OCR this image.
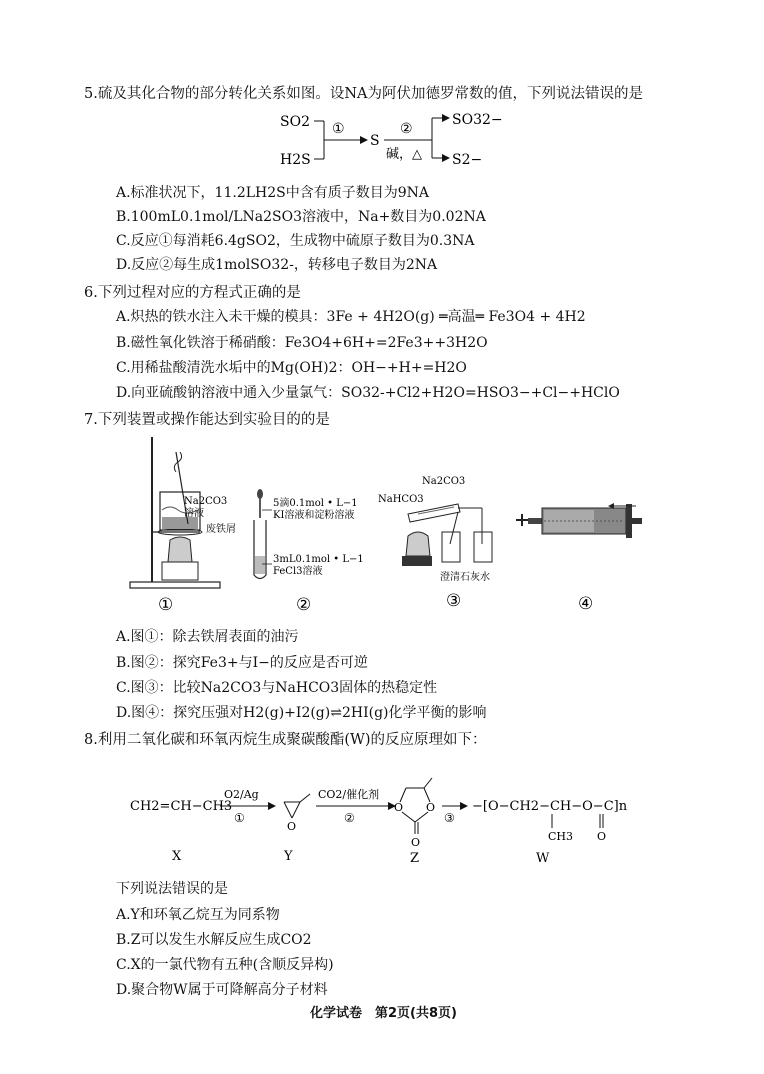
5.硫及其化合物的部分转化关系如图。设NA为阿伏加德罗常数的值，下列说法错误的是
SO2
H2S
①
S
②
碱，△
SO32−
S2−
A.标准状况下，11.2LH2S中含有质子数目为9NA
B.100mL0.1mol/LNa2SO3溶液中，Na+数目为0.02NA
C.反应①每消耗6.4gSO2，生成物中硫原子数目为0.3NA
D.反应②每生成1molSO32-，转移电子数目为2NA
6.下列过程对应的方程式正确的是
A.炽热的铁水注入未干燥的模具：3Fe + 4H2O(g) ═高温═ Fe3O4 + 4H2
B.磁性氧化铁溶于稀硝酸：Fe3O4+6H+=2Fe3++3H2O
C.用稀盐酸清洗水垢中的Mg(OH)2：OH−+H+=H2O
D.向亚硫酸钠溶液中通入少量氯气：SO32-+Cl2+H2O=HSO3−+Cl−+HClO
7.下列装置或操作能达到实验目的的是
Na2CO3
溶液
废铁屑
①
5滴0.1mol • L−1
KI溶液和淀粉溶液
3mL0.1mol • L−1
FeCl3溶液
②
Na2CO3
NaHCO3
澄清石灰水
③	④
A.图①：除去铁屑表面的油污
B.图②：探究Fe3+与I−的反应是否可逆
C.图③：比较Na2CO3与NaHCO3固体的热稳定性
D.图④：探究压强对H2(g)+I2(g)⇌2HI(g)化学平衡的影响
8.利用二氧化碳和环氧丙烷生成聚碳酸酯(W)的反应原理如下：
CH2=CH−CH3
O2/Ag
①
O
CO2/催化剂
②
O O
O
③
−[O−CH2−CH−O−C]n
CH3 O
X	Y	Z	W
下列说法错误的是
A.Y和环氧乙烷互为同系物
B.Z可以发生水解反应生成CO2
C.X的一氯代物有五种(含顺反异构)
D.聚合物W属于可降解高分子材料
化学试卷　第2页(共8页)
